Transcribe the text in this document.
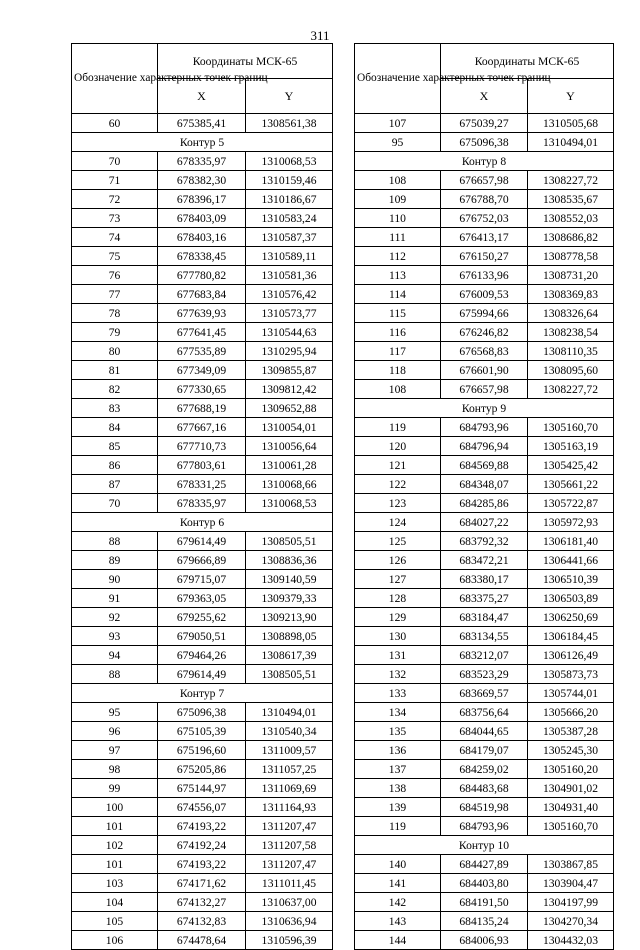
311
Обозначение характерных точек границ	Координаты МСК-65	
	X	Y
60	675385,41	1308561,38
Контур 5		
70	678335,97	1310068,53
71	678382,30	1310159,46
72	678396,17	1310186,67
73	678403,09	1310583,24
74	678403,16	1310587,37
75	678338,45	1310589,11
76	677780,82	1310581,36
77	677683,84	1310576,42
78	677639,93	1310573,77
79	677641,45	1310544,63
80	677535,89	1310295,94
81	677349,09	1309855,87
82	677330,65	1309812,42
83	677688,19	1309652,88
84	677667,16	1310054,01
85	677710,73	1310056,64
86	677803,61	1310061,28
87	678331,25	1310068,66
70	678335,97	1310068,53
Контур 6		
88	679614,49	1308505,51
89	679666,89	1308836,36
90	679715,07	1309140,59
91	679363,05	1309379,33
92	679255,62	1309213,90
93	679050,51	1308898,05
94	679464,26	1308617,39
88	679614,49	1308505,51
Контур 7		
95	675096,38	1310494,01
96	675105,39	1310540,34
97	675196,60	1311009,57
98	675205,86	1311057,25
99	675144,97	1311069,69
100	674556,07	1311164,93
101	674193,22	1311207,47
102	674192,24	1311207,58
101	674193,22	1311207,47
103	674171,62	1311011,45
104	674132,27	1310637,00
105	674132,83	1310636,94
106	674478,64	1310596,39
Обозначение характерных точек границ	Координаты МСК-65	
	X	Y
107	675039,27	1310505,68
95	675096,38	1310494,01
Контур 8		
108	676657,98	1308227,72
109	676788,70	1308535,67
110	676752,03	1308552,03
111	676413,17	1308686,82
112	676150,27	1308778,58
113	676133,96	1308731,20
114	676009,53	1308369,83
115	675994,66	1308326,64
116	676246,82	1308238,54
117	676568,83	1308110,35
118	676601,90	1308095,60
108	676657,98	1308227,72
Контур 9		
119	684793,96	1305160,70
120	684796,94	1305163,19
121	684569,88	1305425,42
122	684348,07	1305661,22
123	684285,86	1305722,87
124	684027,22	1305972,93
125	683792,32	1306181,40
126	683472,21	1306441,66
127	683380,17	1306510,39
128	683375,27	1306503,89
129	683184,47	1306250,69
130	683134,55	1306184,45
131	683212,07	1306126,49
132	683523,29	1305873,73
133	683669,57	1305744,01
134	683756,64	1305666,20
135	684044,65	1305387,28
136	684179,07	1305245,30
137	684259,02	1305160,20
138	684483,68	1304901,02
139	684519,98	1304931,40
119	684793,96	1305160,70
Контур 10		
140	684427,89	1303867,85
141	684403,80	1303904,47
142	684191,50	1304197,99
143	684135,24	1304270,34
144	684006,93	1304432,03
